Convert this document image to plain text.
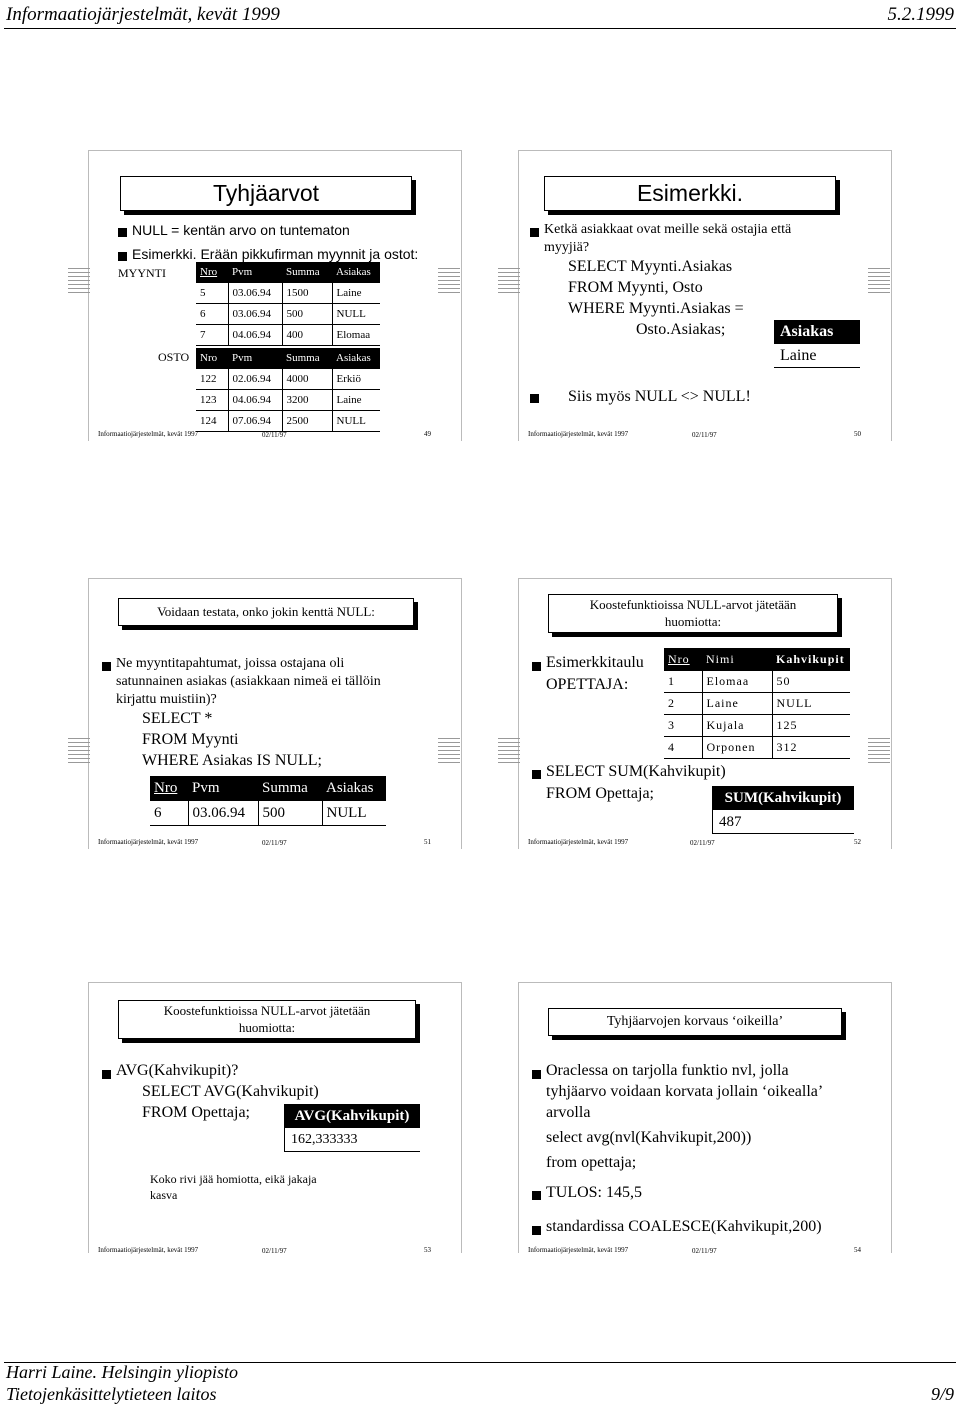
Informaatiojärjestelmät, kevät 1999	5.2.1999
Tyhjäarvot
NULL = kentän arvo on tuntematon
Esimerkki. Erään pikkufirman myynnit ja ostot:
MYYNTI
OSTO
Nro	Pvm	Summa	Asiakas
5	03.06.94	1500	Laine
6	03.06.94	500	NULL
7	04.06.94	400	Elomaa
Nro	Pvm	Summa	Asiakas
122	02.06.94	4000	Erkiö
123	04.06.94	3200	Laine
124	07.06.94	2500	NULL
Informaatiojärjestelmät, kevät 1997	02/11/97	49
Esimerkki.
Ketkä asiakkaat ovat meille sekä ostajia että
myyjiä?
SELECT Myynti.Asiakas
FROM Myynti, Osto
WHERE Myynti.Asiakas =
Osto.Asiakas;	Asiakas
Laine
Siis myös NULL <> NULL!
Informaatiojärjestelmät, kevät 1997	02/11/97	50
Voidaan testata, onko jokin kenttä NULL:
Ne myyntitapahtumat, joissa ostajana oli
satunnainen asiakas (asiakkaan nimeä ei tällöin
kirjattu muistiin)?
SELECT *
FROM Myynti
WHERE Asiakas IS NULL;
Nro	Pvm	Summa	Asiakas
6	03.06.94	500	NULL
Informaatiojärjestelmät, kevät 1997	02/11/97	51
Koostefunktioissa NULL-arvot jätetään
huomiotta:
Esimerkkitaulu
OPETTAJA:
Nro	Nimi	Kahvikupit
1	Elomaa	50
2	Laine	NULL
3	Kujala	125
4	Orponen	312
SELECT SUM(Kahvikupit)
FROM Opettaja;	SUM(Kahvikupit)
487
Informaatiojärjestelmät, kevät 1997	02/11/97	52
Koostefunktioissa NULL-arvot jätetään
huomiotta:
AVG(Kahvikupit)?
SELECT AVG(Kahvikupit)
FROM Opettaja;	AVG(Kahvikupit)
162,333333
Koko rivi jää homiotta, eikä jakaja
kasva
Informaatiojärjestelmät, kevät 1997	02/11/97	53
Tyhjäarvojen korvaus ‘oikeilla’
Oraclessa on tarjolla funktio nvl, jolla
tyhjäarvo voidaan korvata jollain ‘oikealla’
arvolla
select avg(nvl(Kahvikupit,200))
from opettaja;
TULOS: 145,5
standardissa COALESCE(Kahvikupit,200)
Informaatiojärjestelmät, kevät 1997	02/11/97	54
Harri Laine. Helsingin yliopisto
Tietojenkäsittelytieteen laitos	9/9
